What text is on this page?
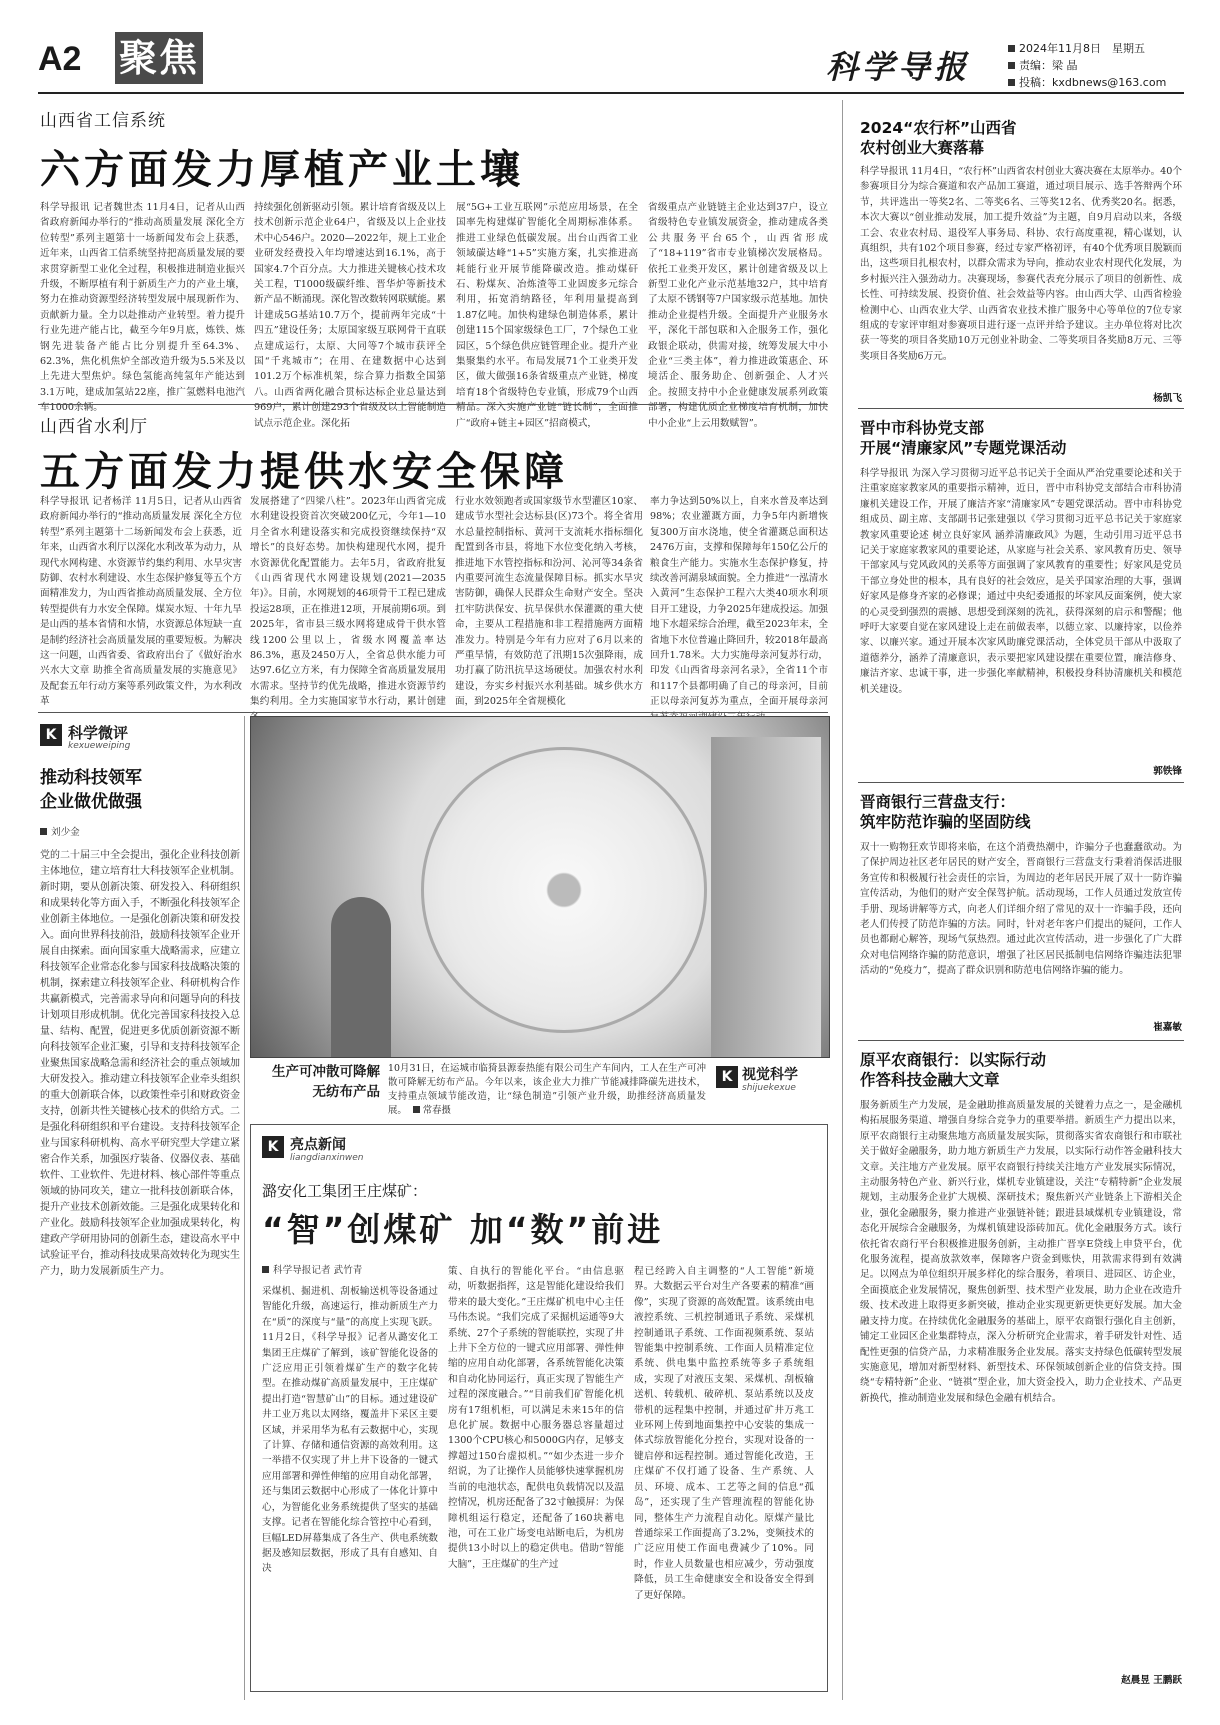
A2 聚焦	科学导报	2024年11月8日　星期五
责编：梁 晶
投稿：kxdbnews@163.com
山西省工信系统
六方面发力厚植产业土壤
科学导报讯 记者魏世杰 11月4日，记者从山西省政府新闻办举行的“推动高质量发展 深化全方位转型”系列主题第十一场新闻发布会上获悉，近年来，山西省工信系统坚持把高质量发展的要求贯穿新型工业化全过程，积极推进制造业振兴升级，不断厚植有利于新质生产力的产业土壤，努力在推动资源型经济转型发展中展现新作为、贡献新力量。全力以赴推动产业转型。着力提升行业先进产能占比，截至今年9月底，炼铁、炼钢先进装备产能占比分别提升至64.3%、62.3%，焦化机焦炉全部改造升级为5.5米及以上先进大型焦炉。绿色氢能高纯氢年产能达到3.1万吨，建成加氢站22座，推广氢燃料电池汽车1000余辆。
持续强化创新驱动引领。累计培育省级及以上技术创新示范企业64户，省级及以上企业技术中心546户。2020—2022年，规上工业企业研发经费投入年均增速达到16.1%，高于国家4.7个百分点。大力推进关键核心技术攻关工程，T1000级碳纤维、晋华炉等新技术新产品不断涌现。深化智改数转网联赋能。累计建成5G基站10.7万个，提前两年完成“十四五”建设任务；太原国家级互联网骨干直联点建成运行，太原、大同等7个城市获评全国“千兆城市”；在用、在建数据中心达到101.2万个标准机架，综合算力指数全国第八。山西省两化融合贯标达标企业总量达到969户，累计创建293个省级及以上智能制造试点示范企业。深化拓
展“5G+工业互联网”示范应用场景，在全国率先构建煤矿智能化全周期标准体系。推进工业绿色低碳发展。出台山西省工业领域碳达峰“1+5”实施方案，扎实推进高耗能行业开展节能降碳改造。推动煤矸石、粉煤灰、冶炼渣等工业固废多元综合利用，拓宽消纳路径，年利用量提高到1.87亿吨。加快构建绿色制造体系，累计创建115个国家级绿色工厂，7个绿色工业园区，5个绿色供应链管理企业。提升产业集聚集约水平。布局发展71个工业类开发区，做大做强16条省级重点产业链，梯度培育18个省级特色专业镇，形成79个山西精品。深入实施产业链“链长制”，全面推广“政府+链主+园区”招商模式，
省级重点产业链链主企业达到37户，设立省级特色专业镇发展资金，推动建成各类公共服务平台65个，山西省形成了“18+119”省市专业镇梯次发展格局。依托工业类开发区，累计创建省级及以上新型工业化产业示范基地32户，其中培育了太原不锈钢等7户国家级示范基地。加快推动企业提档升级。全面提升产业服务水平，深化干部包联和入企服务工作，强化政银企联动，供需对接，统筹发展大中小企业“三类主体”，着力推进政策惠企、环境活企、服务助企、创新强企、人才兴企。按照支持中小企业健康发展系列政策部署，构建优质企业梯度培育机制，加快中小企业“上云用数赋智”。
山西省水利厅
五方面发力提供水安全保障
科学导报讯 记者杨洋 11月5日，记者从山西省政府新闻办举行的“推动高质量发展 深化全方位转型”系列主题第十二场新闻发布会上获悉，近年来，山西省水利厅以深化水利改革为动力，从现代水网构建、水资源节约集约利用、水旱灾害防御、农村水利建设、水生态保护修复等五个方面精准发力，为山西省推动高质量发展、全方位转型提供有力水安全保障。煤炭水短、十年九旱是山西的基本省情和水情，水资源总体短缺一直是制约经济社会高质量发展的重要短板。为解决这一问题，山西省委、省政府出台了《做好治水兴水大文章 助推全省高质量发展的实施意见》及配套五年行动方案等系列政策文件，为水利改革
发展搭建了“四梁八柱”。2023年山西省完成水利建设投资首次突破200亿元，今年1—10月全省水利建设落实和完成投资继续保持“双增长”的良好态势。加快构建现代水网，提升水资源优化配置能力。去年5月，省政府批复《山西省现代水网建设规划(2021—2035年)》。目前，水网规划的46项骨干工程已建成投运28项，正在推进12项，开展前期6项。到2025年，省市县三级水网将建成骨干供水管线1200公里以上，省级水网覆盖率达86.3%，惠及2450万人，全省总供水能力可达97.6亿立方米，有力保障全省高质量发展用水需求。坚持节约优先战略，推进水资源节约集约利用。全力实施国家节水行动，累计创建
行业水效领跑者或国家级节水型灌区10家、建成节水型社会达标县(区)73个。将全省用水总量控制指标、黄河干支流耗水指标细化配置到各市县，将地下水位变化纳入考核，推进地下水管控指标和汾河、沁河等34条省内重要河流生态流量保障目标。抓实水旱灾害防御，确保人民群众生命财产安全。坚决扛牢防洪保安、抗旱保供水保灌溉的重大使命，主要从工程措施和非工程措施两方面精准发力。特别是今年有力应对了6月以来的严重旱情，有效防范了汛期15次强降雨，成功打赢了防汛抗旱这场硬仗。加强农村水利建设，夯实乡村振兴水利基础。城乡供水方面，到2025年全省规模化
率力争达到50%以上，自来水普及率达到98%；农业灌溉方面，力争5年内新增恢复300万亩水浇地，使全省灌溉总面积达2476万亩，支撑和保障每年150亿公斤的粮食生产能力。实施水生态保护修复，持续改善河湖泉域面貌。全力推进“一泓清水入黄河”生态保护工程六大类40项水利项目开工建设，力争2025年建成投运。加强地下水超采综合治理，截至2023年末，全省地下水位普遍止降回升，较2018年最高回升1.78米。大力实施母亲河复苏行动，印发《山西省母亲河名录》，全省11个市和117个县都明确了自己的母亲河，目前正以母亲河复苏为重点，全面开展母亲河
K 科学微评
kexueweiping
推动科技领军
企业做优做强
刘少金
党的二十届三中全会提出，强化企业科技创新主体地位，建立培育壮大科技领军企业机制。新时期，要从创新决策、研发投入、科研组织和成果转化等方面入手，不断强化科技领军企业创新主体地位。一是强化创新决策和研发投入。面向世界科技前沿，鼓励科技领军企业开展自由探索。面向国家重大战略需求，应建立科技领军企业常态化参与国家科技战略决策的机制，探索建立科技领军企业、科研机构合作共赢新模式，完善需求导向和问题导向的科技计划项目形成机制。优化完善国家科技投入总量、结构、配置，促进更多优质创新资源不断向科技领军企业汇聚，引导和支持科技领军企业聚焦国家战略急需和经济社会的重点领域加大研发投入。推动建立科技领军企业牵头组织的重大创新联合体，以政策性牵引和财政资金支持，创新共性关键核心技术的供给方式。二是强化科研组织和平台建设。支持科技领军企业与国家科研机构、高水平研究型大学建立紧密合作关系，加强医疗装备、仪器仪表、基础软件、工业软件、先进材料、核心部件等重点领域的协同攻关，建立一批科技创新联合体，提升产业技术创新效能。三是强化成果转化和产业化。鼓励科技领军企业加强成果转化，构建政产学研用协同的创新生态，建设高水平中试验证平台，推动科技成果高效转化为现实生产力，助力发展新质生产力。
生产可冲散可降解
无纺布产品
10月31日，在运城市临猗县源泰热能有限公司生产车间内，工人在生产可冲散可降解无纺布产品。今年以来，该企业大力推广节能减排降碳先进技术，支持重点领域节能改造，让“绿色制造”引领产业升级，助推经济高质量发展。 常春摄
K 视觉科学
shijuekexue
K 亮点新闻
liangdianxinwen
潞安化工集团王庄煤矿：
“智”创煤矿 加“数”前进
科学导报记者 武竹青
采煤机、掘进机、刮板输送机等设备通过智能化升级，高速运行，推动新质生产力在“质”的深度与“量”的高度上实现飞跃。11月2日，《科学导报》记者从潞安化工集团王庄煤矿了解到，该矿智能化设备的广泛应用正引领着煤矿生产的数字化转型。在推动煤矿高质量发展中，王庄煤矿提出打造“智慧矿山”的目标。通过建设矿井工业万兆以太网络，覆盖井下采区主要区域，并采用华为私有云数据中心，实现了计算、存储和通信资源的高效利用。这一举措不仅实现了井上井下设备的一键式应用部署和弹性伸缩的应用自动化部署，还与集团云数据中心形成了一体化计算中心，为智能化业务系统提供了坚实的基础支撑。记者在智能化综合管控中心看到，巨幅LED屏幕集成了各生产、供电系统数据及感知层数据，形成了具有自感知、自决
策、自执行的智能化平台。“由信息驱动，听数据指挥，这是智能化建设给我们带来的最大变化。”王庄煤矿机电中心主任马伟杰说。“我们完成了采掘机运通等9大系统、27个子系统的智能联控，实现了井上井下全方位的一键式应用部署、弹性伸缩的应用自动化部署，各系统智能化决策和自动化协同运行，真正实现了智能生产过程的深度融合。”“目前我们矿智能化机房有17组机柜，可以满足未来15年的信息化扩展。数据中心服务器总容量超过1300个CPU核心和5000G内存，足够支撑超过150台虚拟机。”“如少杰进一步介绍说，为了让操作人员能够快速掌握机房当前的电池状态，配供电负载情况以及温控情况，机房还配备了32寸触摸屏：为保障机组运行稳定，还配备了160块蓄电池，可在工业广场变电站断电后，为机房提供13小时以上的稳定供电。借助“智能大脑”，王庄煤矿的生产过
程已经跨入自主调整的“人工智能”新境界。大数据云平台对生产各要素的精准“画像”，实现了资源的高效配置。该系统由电液控系统、三机控制通讯子系统、采煤机控制通讯子系统、工作面视频系统、泵站智能集中控制系统、工作面人员精准定位系统、供电集中监控系统等多子系统组成，实现了对液压支架、采煤机、刮板输送机、转载机、破碎机、泵站系统以及皮带机的远程集中控制，并通过矿井万兆工业环网上传到地面集控中心安装的集成一体式综放智能化分控台，实现对设备的一键启停和远程控制。通过智能化改造，王庄煤矿不仅打通了设备、生产系统、人员、环境、成本、工艺等之间的信息“孤岛”，还实现了生产管理流程的智能化协同，整体生产力流程自动化。原煤产量比普通综采工作面提高了3.2%，变频技术的广泛应用使工作面电费减少了10%。同时，作业人员数量也相应减少，劳动强度降低，员工生命健康安全和设备安全得到了更好保障。
2024“农行杯”山西省
农村创业大赛落幕
科学导报讯 11月4日，“农行杯”山西省农村创业大赛决赛在太原举办。40个参赛项目分为综合赛道和农产品加工赛道，通过项目展示、选手答辩两个环节，共评选出一等奖2名、二等奖6名、三等奖12名、优秀奖20名。据悉，本次大赛以“创业推动发展，加工提升效益”为主题，自9月启动以来，各级工会、农业农村局、退役军人事务局、科协、农行高度重视，精心谋划，认真组织，共有102个项目参赛，经过专家严格初评，有40个优秀项目脱颖而出，这些项目扎根农村，以群众需求为导向，推动农业农村现代化发展，为乡村振兴注入强劲动力。决赛现场，参赛代表充分展示了项目的创新性、成长性、可持续发展、投资价值、社会效益等内容。由山西大学、山西省检验检测中心、山西农业大学、山西省农业技术推广服务中心等单位的7位专家组成的专家评审组对参赛项目进行逐一点评并给予建议。主办单位将对比次获一等奖的项目各奖励10万元创业补助金、二等奖项目各奖励8万元、三等奖项目各奖励6万元。
杨凯飞
晋中市科协党支部
开展“清廉家风”专题党课活动
科学导报讯 为深入学习贯彻习近平总书记关于全面从严治党重要论述和关于注重家庭家教家风的重要指示精神，近日，晋中市科协党支部结合市科协清廉机关建设工作，开展了廉洁齐家“清廉家风”专题党课活动。晋中市科协党组成员、副主席、支部副书记张建强以《学习贯彻习近平总书记关于家庭家教家风重要论述 树立良好家风 涵养清廉政风》为题，生动引用习近平总书记关于家庭家教家风的重要论述，从家庭与社会关系、家风教育历史、领导干部家风与党风政风的关系等方面强调了家风教育的重要性；好家风是党员干部立身处世的根本，具有良好的社会效应，是关乎国家治理的大事，强调好家风是修身齐家的必修课；通过中央纪委通报的坏家风反面案例，使大家的心灵受到强烈的震撼、思想受到深刻的洗礼，获得深刻的启示和警醒；他呼吁大家要自觉在家风建设上走在前做表率，以德立家、以廉持家，以俭养家、以廉兴家。通过开展本次家风助廉党课活动，全体党员干部从中汲取了道德养分，涵养了清廉意识，表示要把家风建设摆在重要位置，廉洁修身、廉洁齐家、忠诚干事，进一步强化率献精神，积极投身科协清廉机关和模范机关建设。
郭铁锋
晋商银行三营盘支行：
筑牢防范诈骗的坚固防线
双十一购物狂欢节即将来临，在这个消费热潮中，诈骗分子也蠢蠢欲动。为了保护周边社区老年居民的财产安全，晋商银行三营盘支行秉着消保活进服务宣传和积极履行社会责任的宗旨，为周边的老年居民开展了双十一防诈骗宣传活动，为他们的财产安全保驾护航。活动现场，工作人员通过发放宣传手册、现场讲解等方式，向老人们详细介绍了常见的双十一诈骗手段，还向老人们传授了防范诈骗的方法。同时，针对老年客户们提出的疑问，工作人员也都耐心解答，现场气氛热烈。通过此次宣传活动，进一步强化了广大群众对电信网络诈骗的防范意识，增强了社区居民抵制电信网络诈骗违法犯罪活动的“免疫力”，提高了群众识别和防范电信网络诈骗的能力。
崔嘉敏
原平农商银行：以实际行动
作答科技金融大文章
服务新质生产力发展，是金融助推高质量发展的关键着力点之一，是金融机构拓展服务渠道、增强自身综合竞争力的重要举措。新质生产力提出以来，原平农商银行主动聚焦地方高质量发展实际，贯彻落实省农商银行和市联社关于做好金融服务，助力地方新质生产力发展，以实际行动作答金融科技大文章。关注地方产业发展。原平农商银行持续关注地方产业发展实际情况，主动服务特色产业、新兴行业，煤机专业镇建设，关注“专精特新”企业发展规划，主动服务企业扩大规模、深研技术；聚焦新兴产业链条上下游相关企业，强化金融服务，聚力推进产业强链补链；跟进县域煤机专业镇建设，常态化开展综合金融服务，为煤机镇建设添砖加瓦。优化金融服务方式。该行依托省农商行平台积极推进服务创新，主动推广晋享E贷线上申贷平台，优化服务流程，提高放款效率，保障客户资金到账快，用款需求得到有效满足。以网点为单位组织开展多样化的综合服务，着项目、进园区、访企业，全面摸底企业发展情况，聚焦创新型、技术型产业发展，助力企业在改造升级、技术改进上取得更多新突破，推动企业实现更新更快更好发展。加大金融支持力度。在持续优化金融服务的基础上，原平农商银行强化自主创新，铺定工业园区企业集群特点，深入分析研究企业需求，着手研发针对性、适配性更强的信贷产品，力求精准服务企业发展。落实支持绿色低碳转型发展实施意见，增加对新型材料、新型技术、环保领域创新企业的信贷支持。围绕“专精特新”企业、“链祺”型企业，加大资金投入，助力企业技术、产品更新换代，推动制造业发展和绿色金融有机结合。
赵晨昱 王鹏跃
